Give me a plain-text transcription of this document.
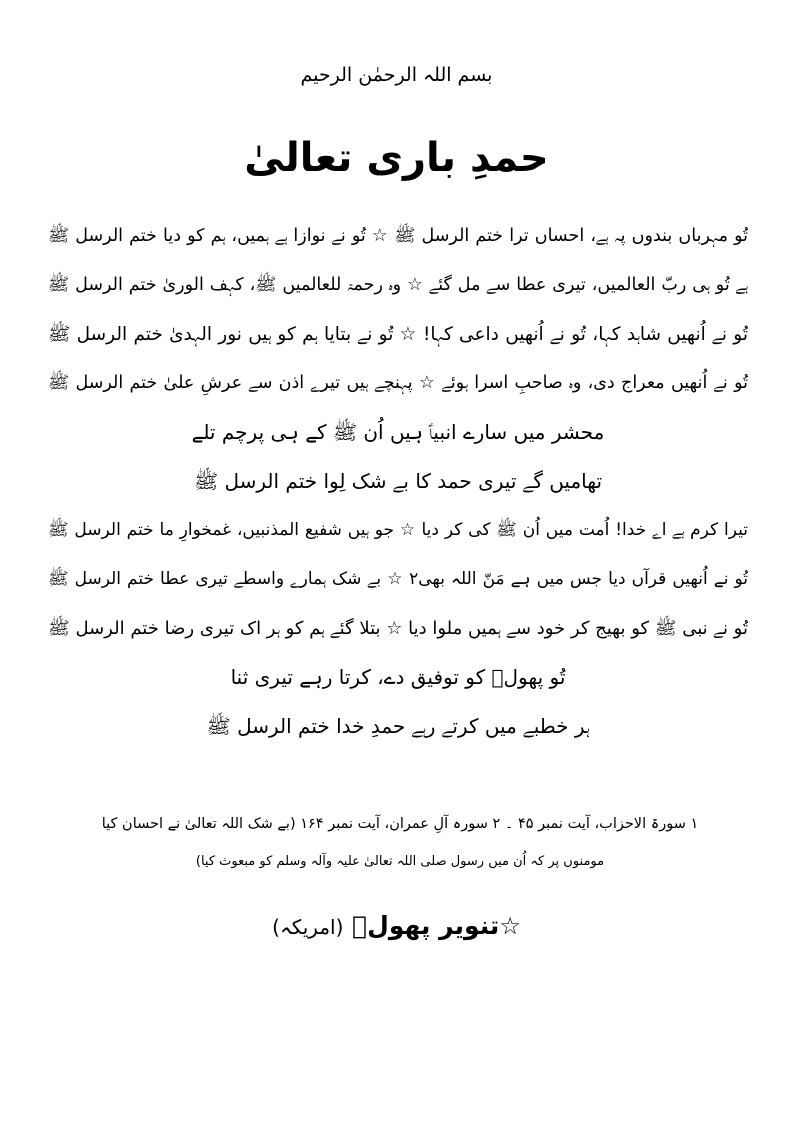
بسم اللہ الرحمٰن الرحیم
حمدِ باری تعالیٰ
تُو مہرباں بندوں پہ ہے، احساں ترا ختم الرسل ﷺ ☆ تُو نے نوازا ہے ہمیں، ہم کو دیا ختم الرسل ﷺ
ہے تُو ہی ربّ العالمیں، تیری عطا سے مل گئے ☆ وہ رحمۃ للعالمیں ﷺ، کہف الوریٰ ختم الرسل ﷺ
تُو نے اُنھیں شاہد کہا، تُو نے اُنھیں داعی کہا! ☆ تُو نے بتایا ہم کو ہیں نور الہدیٰ ختم الرسل ﷺ
تُو نے اُنھیں معراج دی، وہ صاحبِ اسرا ہوئے ☆ پہنچے ہیں تیرے اذن سے عرشِ علیٰ ختم الرسل ﷺ
محشر میں سارے انبیاؑ ہیں اُن ﷺ کے ہی پرچم تلے
تھامیں گے تیری حمد کا بے شک لِوا ختم الرسل ﷺ
تیرا کرم ہے اے خدا! اُمت میں اُن ﷺ کی کر دیا ☆ جو ہیں شفیع المذنبیں، غمخوارِ ما ختم الرسل ﷺ
تُو نے اُنھیں قرآں دیا جس میں ہے مَنّ اللہ بھی۲ ☆ بے شک ہمارے واسطے تیری عطا ختم الرسل ﷺ
تُو نے نبی ﷺ کو بھیج کر خود سے ہمیں ملوا دیا ☆ بتلا گئے ہم کو ہر اک تیری رضا ختم الرسل ﷺ
تُو پھولؔ کو توفیق دے، کرتا رہے تیری ثنا
ہر خطبے میں کرتے رہے حمدِ خدا ختم الرسل ﷺ
۱ سورۃ الاحزاب، آیت نمبر ۴۵ ۔ ۲ سورہ آلِ عمران، آیت نمبر ۱۶۴ (بے شک اللہ تعالیٰ نے احسان کیا
مومنوں پر کہ اُن میں رسول صلی اللہ تعالیٰ علیہ وآلہ وسلم کو مبعوث کیا)
☆تنویر پھولؔ (امریکہ)
